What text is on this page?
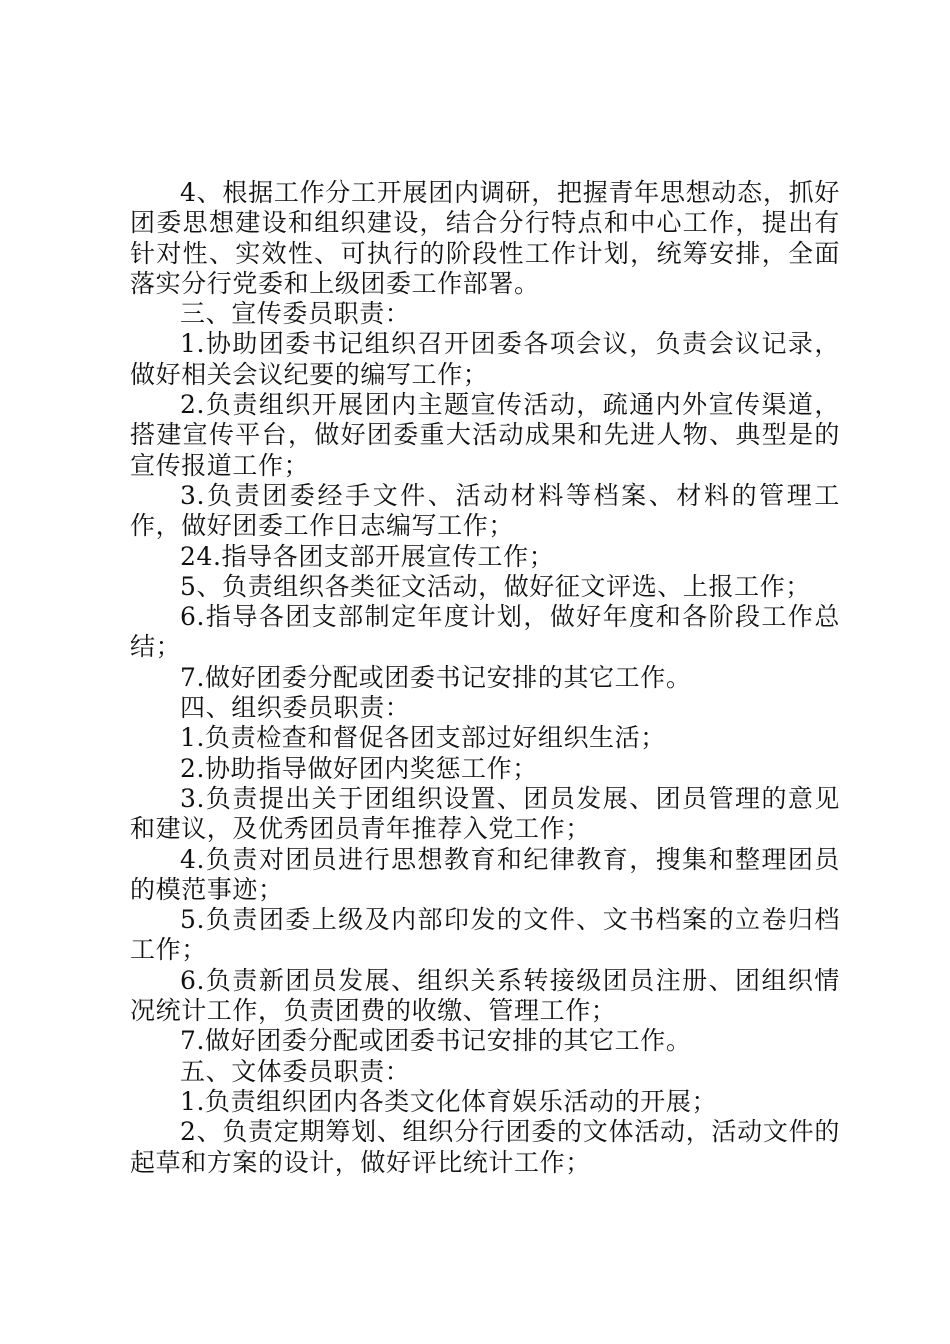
4、根据工作分工开展团内调研，把握青年思想动态，抓好团委思想建设和组织建设，结合分行特点和中心工作，提出有针对性、实效性、可执行的阶段性工作计划，统筹安排，全面落实分行党委和上级团委工作部署。

三、宣传委员职责：

1.协助团委书记组织召开团委各项会议，负责会议记录，做好相关会议纪要的编写工作；

2.负责组织开展团内主题宣传活动，疏通内外宣传渠道，搭建宣传平台，做好团委重大活动成果和先进人物、典型是的宣传报道工作；

3.负责团委经手文件、活动材料等档案、材料的管理工作，做好团委工作日志编写工作；

24.指导各团支部开展宣传工作；

5、负责组织各类征文活动，做好征文评选、上报工作；

6.指导各团支部制定年度计划，做好年度和各阶段工作总结；

7.做好团委分配或团委书记安排的其它工作。

四、组织委员职责：

1.负责检查和督促各团支部过好组织生活；

2.协助指导做好团内奖惩工作；

3.负责提出关于团组织设置、团员发展、团员管理的意见和建议，及优秀团员青年推荐入党工作；

4.负责对团员进行思想教育和纪律教育，搜集和整理团员的模范事迹；

5.负责团委上级及内部印发的文件、文书档案的立卷归档工作；

6.负责新团员发展、组织关系转接级团员注册、团组织情况统计工作，负责团费的收缴、管理工作；

7.做好团委分配或团委书记安排的其它工作。

五、文体委员职责：

1.负责组织团内各类文化体育娱乐活动的开展；

2、负责定期筹划、组织分行团委的文体活动，活动文件的起草和方案的设计，做好评比统计工作；
